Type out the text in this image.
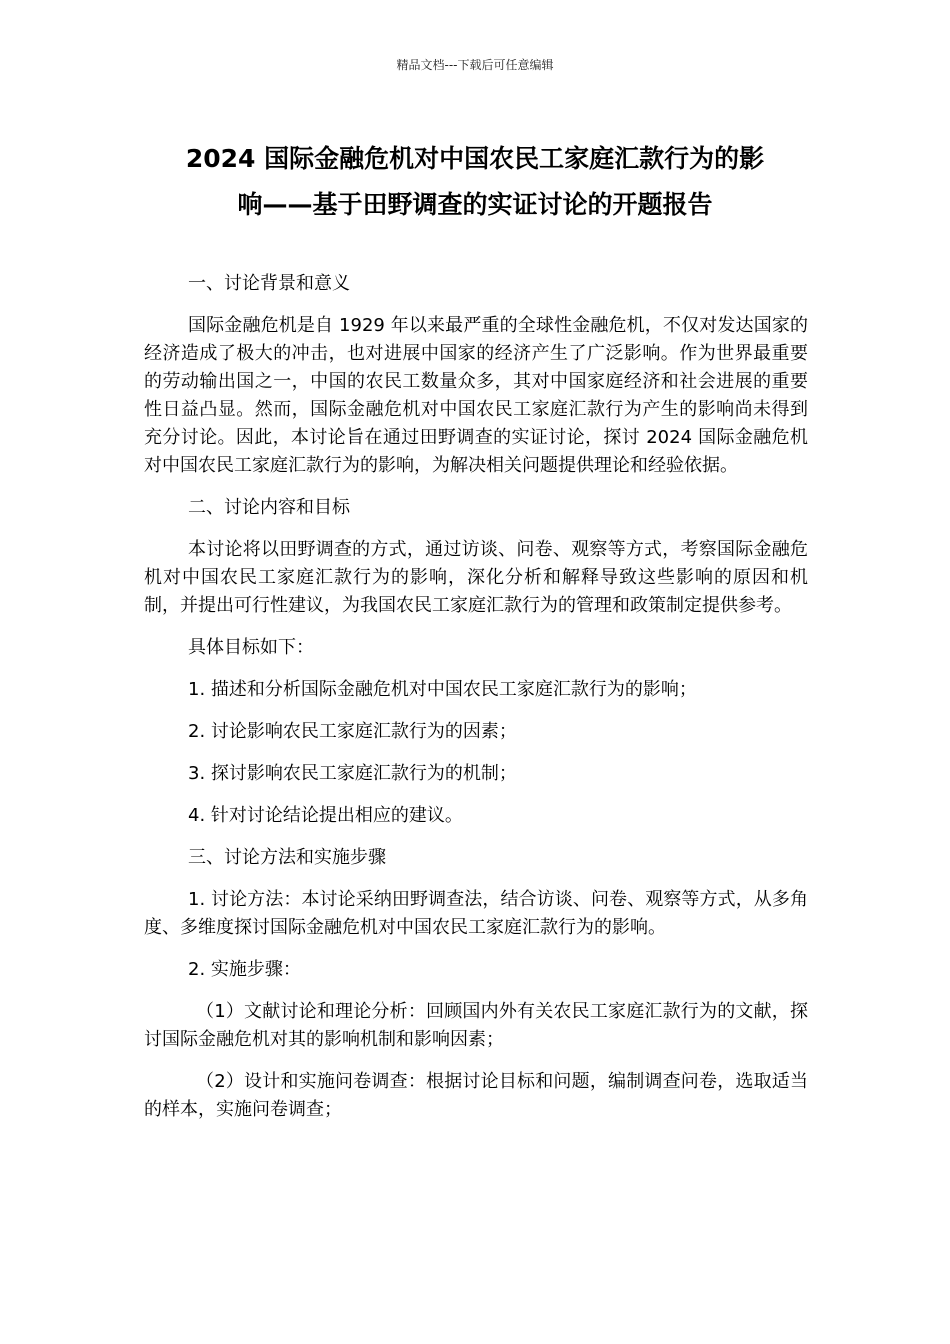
精品文档---下载后可任意编辑
2024 国际金融危机对中国农民工家庭汇款行为的影
响——基于田野调查的实证讨论的开题报告

一、讨论背景和意义

国际金融危机是自 1929 年以来最严重的全球性金融危机，不仅对发达国家的经济造成了极大的冲击，也对进展中国家的经济产生了广泛影响。作为世界最重要的劳动输出国之一，中国的农民工数量众多，其对中国家庭经济和社会进展的重要性日益凸显。然而，国际金融危机对中国农民工家庭汇款行为产生的影响尚未得到充分讨论。因此，本讨论旨在通过田野调查的实证讨论，探讨 2024 国际金融危机对中国农民工家庭汇款行为的影响，为解决相关问题提供理论和经验依据。

二、讨论内容和目标

本讨论将以田野调查的方式，通过访谈、问卷、观察等方式，考察国际金融危机对中国农民工家庭汇款行为的影响，深化分析和解释导致这些影响的原因和机制，并提出可行性建议，为我国农民工家庭汇款行为的管理和政策制定提供参考。

具体目标如下：

1. 描述和分析国际金融危机对中国农民工家庭汇款行为的影响；

2. 讨论影响农民工家庭汇款行为的因素；

3. 探讨影响农民工家庭汇款行为的机制；

4. 针对讨论结论提出相应的建议。

三、讨论方法和实施步骤

1. 讨论方法：本讨论采纳田野调查法，结合访谈、问卷、观察等方式，从多角度、多维度探讨国际金融危机对中国农民工家庭汇款行为的影响。

2. 实施步骤：

（1）文献讨论和理论分析：回顾国内外有关农民工家庭汇款行为的文献，探讨国际金融危机对其的影响机制和影响因素；

（2）设计和实施问卷调查：根据讨论目标和问题，编制调查问卷，选取适当的样本，实施问卷调查；
